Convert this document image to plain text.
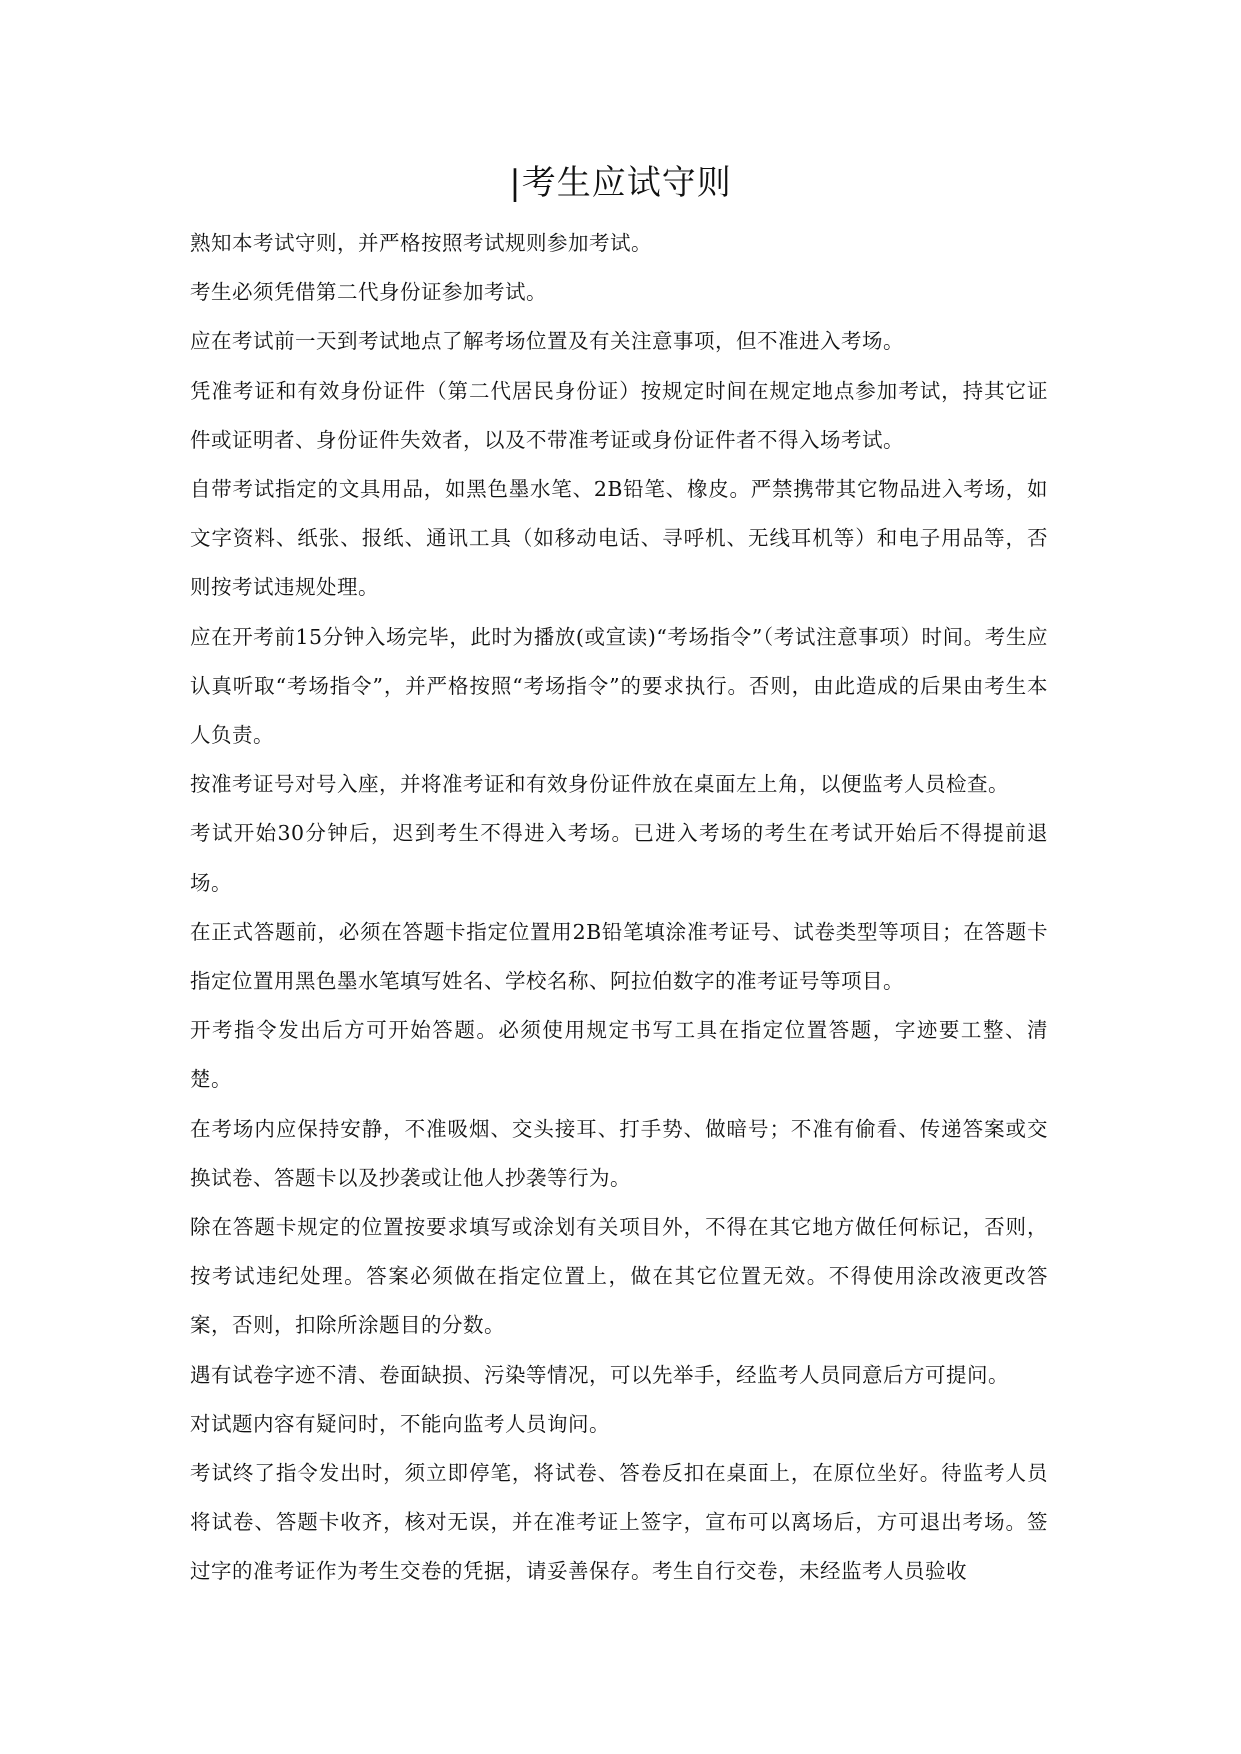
|考生应试守则

熟知本考试守则，并严格按照考试规则参加考试。

考生必须凭借第二代身份证参加考试。

应在考试前一天到考试地点了解考场位置及有关注意事项，但不准进入考场。

凭准考证和有效身份证件（第二代居民身份证）按规定时间在规定地点参加考试，持其它证件或证明者、身份证件失效者，以及不带准考证或身份证件者不得入场考试。

自带考试指定的文具用品，如黑色墨水笔、2B铅笔、橡皮。严禁携带其它物品进入考场，如文字资料、纸张、报纸、通讯工具（如移动电话、寻呼机、无线耳机等）和电子用品等，否则按考试违规处理。

应在开考前15分钟入场完毕，此时为播放(或宣读)“考场指令”（考试注意事项）时间。考生应认真听取“考场指令”，并严格按照“考场指令”的要求执行。否则，由此造成的后果由考生本人负责。

按准考证号对号入座，并将准考证和有效身份证件放在桌面左上角，以便监考人员检查。

考试开始30分钟后，迟到考生不得进入考场。已进入考场的考生在考试开始后不得提前退场。

在正式答题前，必须在答题卡指定位置用2B铅笔填涂准考证号、试卷类型等项目；在答题卡指定位置用黑色墨水笔填写姓名、学校名称、阿拉伯数字的准考证号等项目。

开考指令发出后方可开始答题。必须使用规定书写工具在指定位置答题，字迹要工整、清楚。

在考场内应保持安静，不准吸烟、交头接耳、打手势、做暗号；不准有偷看、传递答案或交换试卷、答题卡以及抄袭或让他人抄袭等行为。

除在答题卡规定的位置按要求填写或涂划有关项目外，不得在其它地方做任何标记，否则，按考试违纪处理。答案必须做在指定位置上，做在其它位置无效。不得使用涂改液更改答案，否则，扣除所涂题目的分数。

遇有试卷字迹不清、卷面缺损、污染等情况，可以先举手，经监考人员同意后方可提问。

对试题内容有疑问时，不能向监考人员询问。

考试终了指令发出时，须立即停笔，将试卷、答卷反扣在桌面上，在原位坐好。待监考人员将试卷、答题卡收齐，核对无误，并在准考证上签字，宣布可以离场后，方可退出考场。签过字的准考证作为考生交卷的凭据，请妥善保存。考生自行交卷，未经监考人员验收
